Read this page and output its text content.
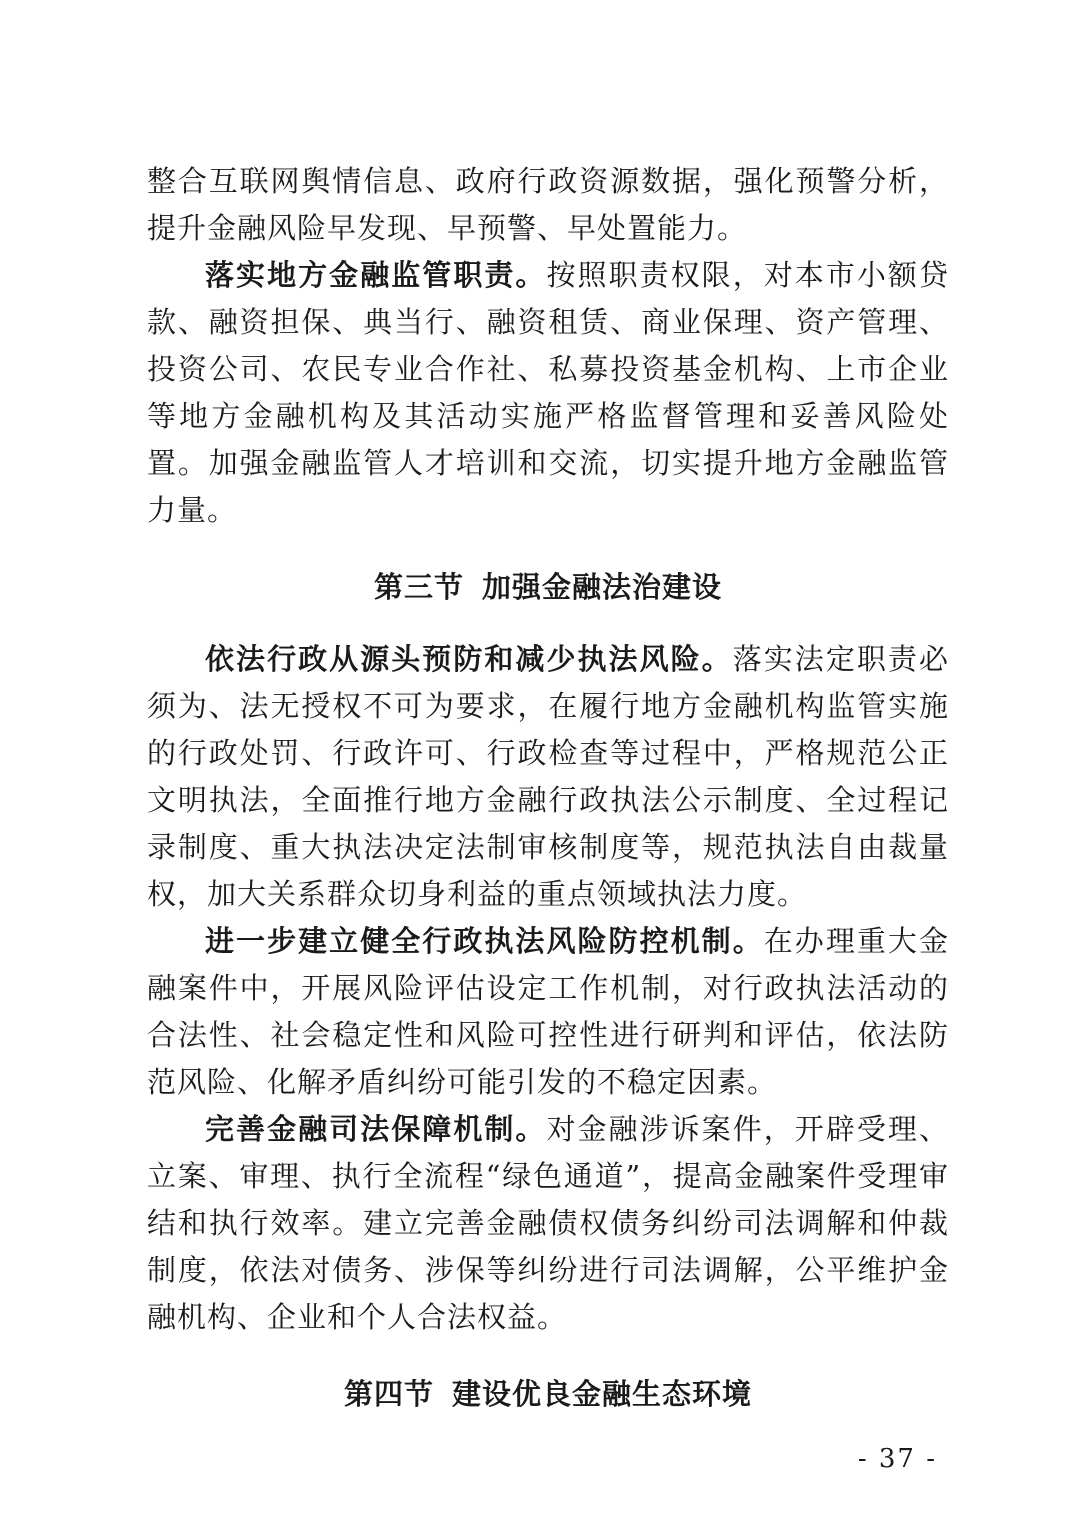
整合互联网舆情信息、政府行政资源数据，强化预警分析，提升金融风险早发现、早预警、早处置能力。

落实地方金融监管职责。按照职责权限，对本市小额贷款、融资担保、典当行、融资租赁、商业保理、资产管理、投资公司、农民专业合作社、私募投资基金机构、上市企业等地方金融机构及其活动实施严格监督管理和妥善风险处置。加强金融监管人才培训和交流，切实提升地方金融监管力量。

第三节 加强金融法治建设

依法行政从源头预防和减少执法风险。落实法定职责必须为、法无授权不可为要求，在履行地方金融机构监管实施的行政处罚、行政许可、行政检查等过程中，严格规范公正文明执法，全面推行地方金融行政执法公示制度、全过程记录制度、重大执法决定法制审核制度等，规范执法自由裁量权，加大关系群众切身利益的重点领域执法力度。

进一步建立健全行政执法风险防控机制。在办理重大金融案件中，开展风险评估设定工作机制，对行政执法活动的合法性、社会稳定性和风险可控性进行研判和评估，依法防范风险、化解矛盾纠纷可能引发的不稳定因素。

完善金融司法保障机制。对金融涉诉案件，开辟受理、立案、审理、执行全流程“绿色通道”，提高金融案件受理审结和执行效率。建立完善金融债权债务纠纷司法调解和仲裁制度，依法对债务、涉保等纠纷进行司法调解，公平维护金融机构、企业和个人合法权益。

第四节 建设优良金融生态环境
- 37 -
